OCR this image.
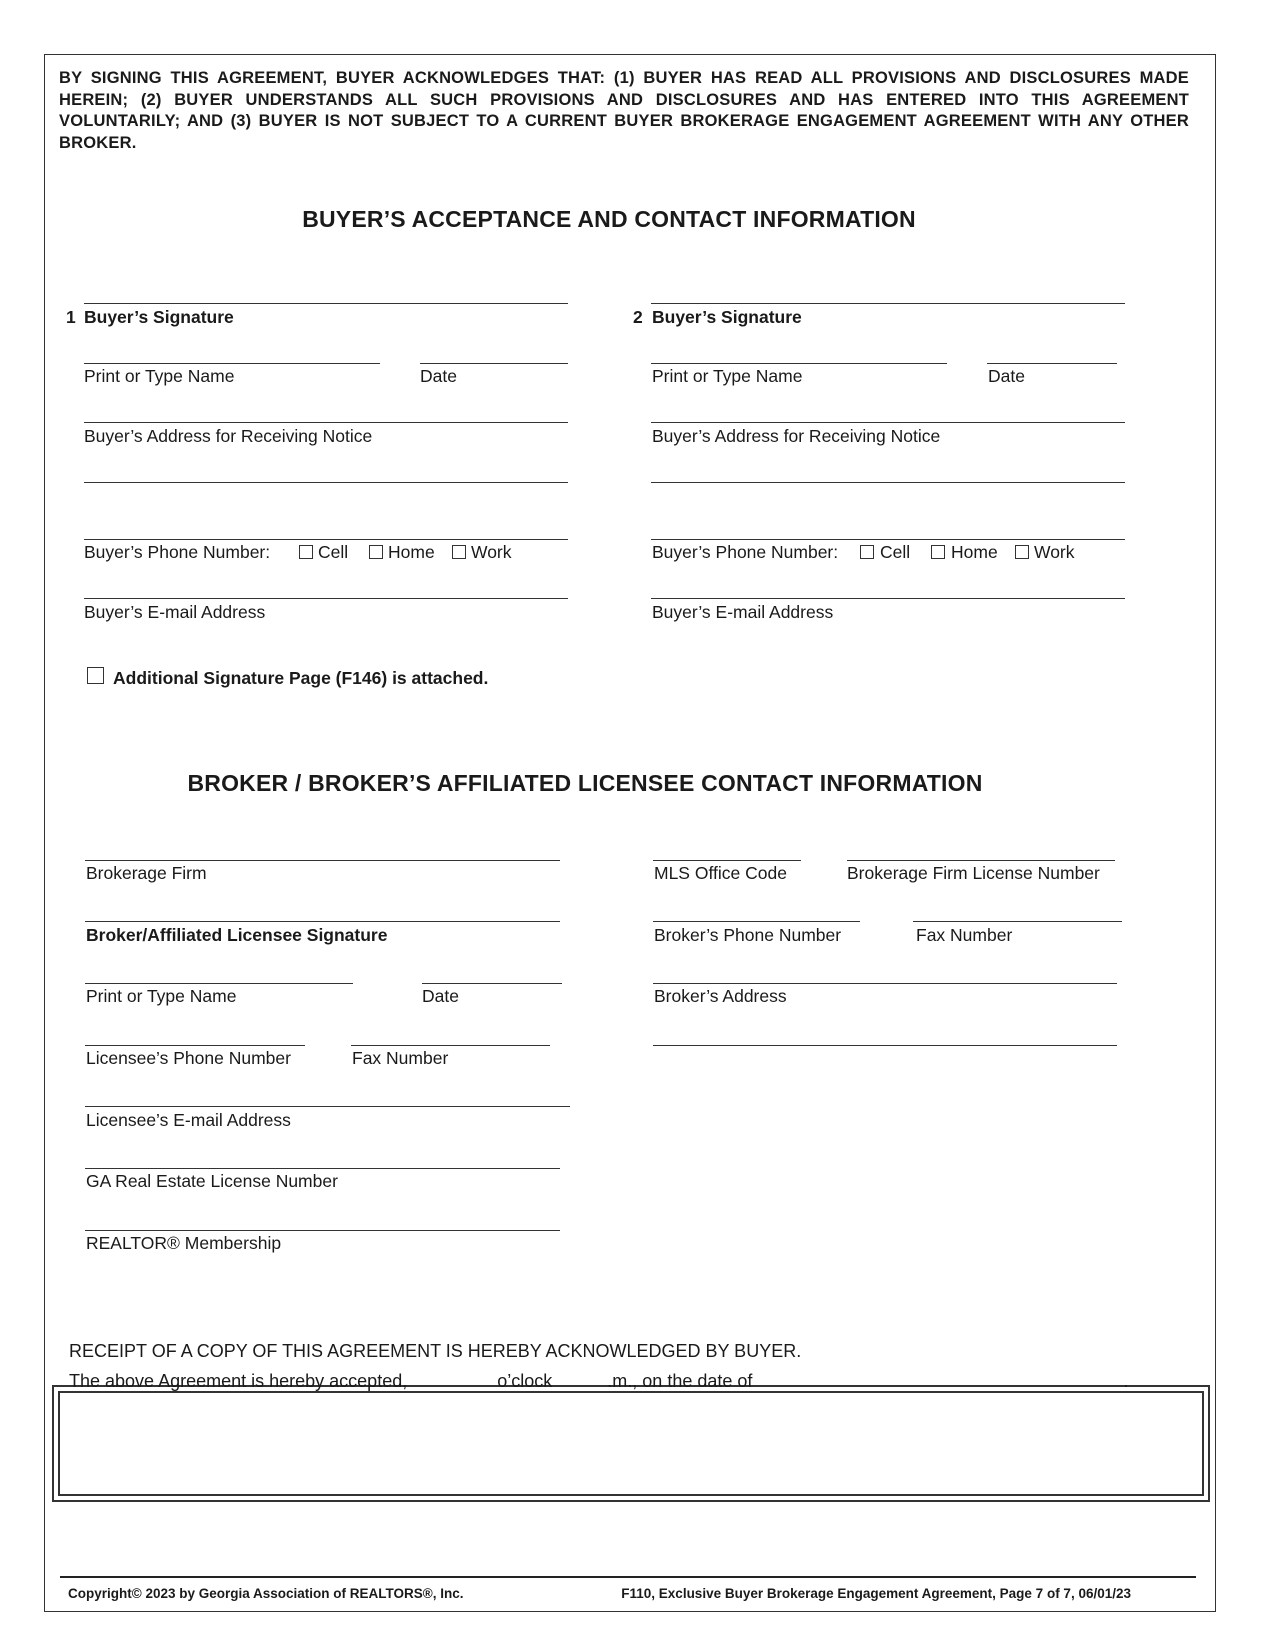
BY SIGNING THIS AGREEMENT, BUYER ACKNOWLEDGES THAT: (1) BUYER HAS READ ALL PROVISIONS AND DISCLOSURES MADE HEREIN; (2) BUYER UNDERSTANDS ALL SUCH PROVISIONS AND DISCLOSURES AND HAS ENTERED INTO THIS AGREEMENT VOLUNTARILY; AND (3) BUYER IS NOT SUBJECT TO A CURRENT BUYER BROKERAGE ENGAGEMENT AGREEMENT WITH ANY OTHER BROKER.
BUYER’S ACCEPTANCE AND CONTACT INFORMATION
1 Buyer’s Signature
Print or Type Name	Date
Buyer’s Address for Receiving Notice
Buyer’s Phone Number:	Cell Home Work
Buyer’s E-mail Address
2 Buyer’s Signature
Print or Type Name	Date
Buyer’s Address for Receiving Notice
Buyer’s Phone Number: Cell Home Work
Buyer’s E-mail Address
Additional Signature Page (F146) is attached.
BROKER / BROKER’S AFFILIATED LICENSEE CONTACT INFORMATION
Brokerage Firm
Broker/Affiliated Licensee Signature
Print or Type Name	Date
Licensee’s Phone Number	Fax Number
Licensee’s E-mail Address
GA Real Estate License Number
REALTOR® Membership
MLS Office Code	Brokerage Firm License Number
Broker’s Phone Number	Fax Number
Broker’s Address
RECEIPT OF A COPY OF THIS AGREEMENT IS HEREBY ACKNOWLEDGED BY BUYER.
The above Agreement is hereby accepted,	o’clock	.m., on the date of	.
Copyright© 2023 by Georgia Association of REALTORS®, Inc.	F110, Exclusive Buyer Brokerage Engagement Agreement, Page 7 of 7, 06/01/23
